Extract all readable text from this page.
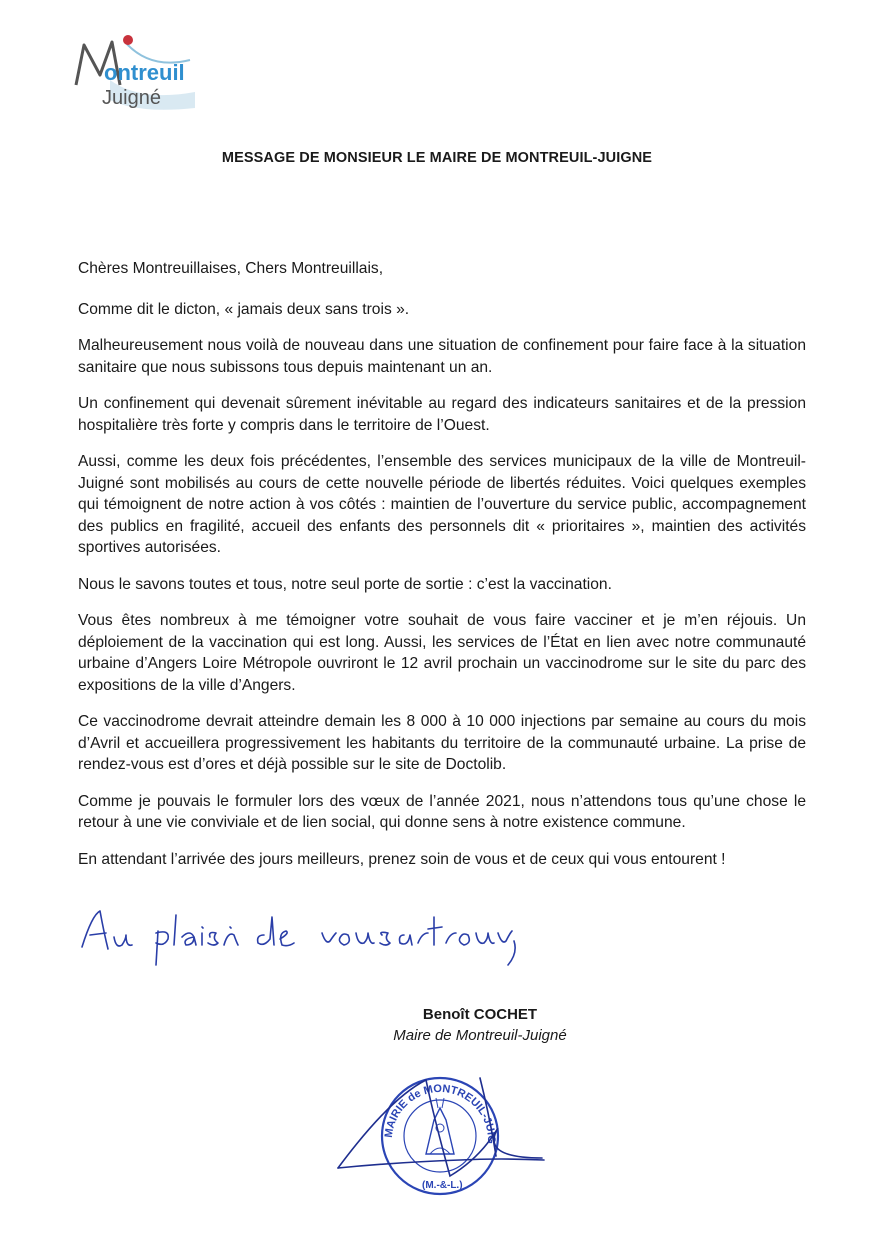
ontreuil
Juigné
MESSAGE DE MONSIEUR LE MAIRE DE MONTREUIL-JUIGNE

Chères Montreuillaises, Chers Montreuillais,

Comme dit le dicton, « jamais deux sans trois ».

Malheureusement nous voilà de nouveau dans une situation de confinement pour faire face à la situation sanitaire que nous subissons tous depuis maintenant un an.

Un confinement qui devenait sûrement inévitable au regard des indicateurs sanitaires et de la pression hospitalière très forte y compris dans le territoire de l’Ouest.

Aussi, comme les deux fois précédentes, l’ensemble des services municipaux de la ville de Montreuil-Juigné sont mobilisés au cours de cette nouvelle période de libertés réduites. Voici quelques exemples qui témoignent de notre action à vos côtés : maintien de l’ouverture du service public, accompagnement des publics en fragilité, accueil des enfants des personnels dit « prioritaires », maintien des activités sportives autorisées.

Nous le savons toutes et tous, notre seul porte de sortie : c’est la vaccination.

Vous êtes nombreux à me témoigner votre souhait de vous faire vacciner et je m’en réjouis. Un déploiement de la vaccination qui est long. Aussi, les services de l’État en lien avec notre communauté urbaine d’Angers Loire Métropole ouvriront le 12 avril prochain un vaccinodrome sur le site du parc des expositions de la ville d’Angers.

Ce vaccinodrome devrait atteindre demain les 8 000 à 10 000 injections par semaine au cours du mois d’Avril et accueillera progressivement les habitants du territoire de la communauté urbaine. La prise de rendez-vous est d’ores et déjà possible sur le site de Doctolib.

Comme je pouvais le formuler lors des vœux de l’année 2021, nous n’attendons tous qu’une chose le retour à une vie conviviale et de lien social, qui donne sens à notre existence commune.

En attendant l’arrivée des jours meilleurs, prenez soin de vous et de ceux qui vous entourent !

Benoît COCHET
Maire de Montreuil-Juigné
MAIRIE de MONTREUIL-JUIG
(M.-&-L.)
